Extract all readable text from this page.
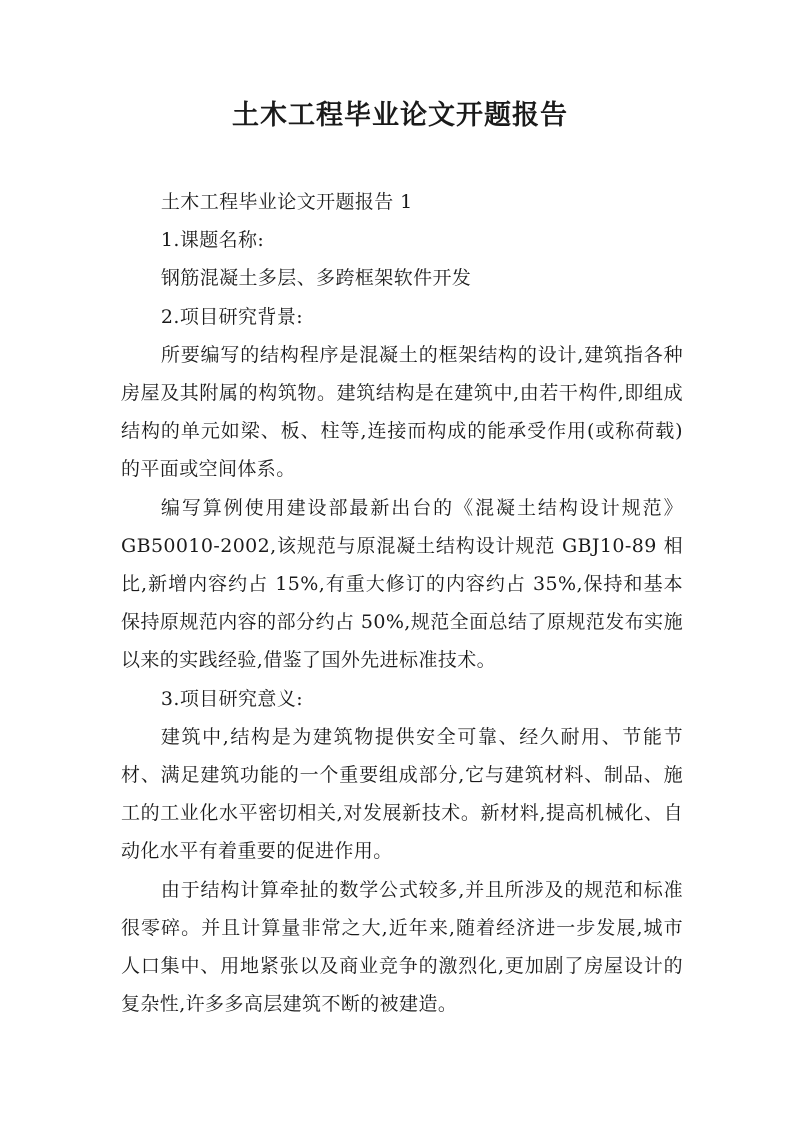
土木工程毕业论文开题报告

土木工程毕业论文开题报告 1

1.课题名称:

钢筋混凝土多层、多跨框架软件开发

2.项目研究背景:

所要编写的结构程序是混凝土的框架结构的设计,建筑指各种房屋及其附属的构筑物。建筑结构是在建筑中,由若干构件,即组成结构的单元如梁、板、柱等,连接而构成的能承受作用(或称荷载)的平面或空间体系。

编写算例使用建设部最新出台的《混凝土结构设计规范》GB50010-2002,该规范与原混凝土结构设计规范 GBJ10-89 相比,新增内容约占 15%,有重大修订的内容约占 35%,保持和基本保持原规范内容的部分约占 50%,规范全面总结了原规范发布实施以来的实践经验,借鉴了国外先进标准技术。

3.项目研究意义:

建筑中,结构是为建筑物提供安全可靠、经久耐用、节能节材、满足建筑功能的一个重要组成部分,它与建筑材料、制品、施工的工业化水平密切相关,对发展新技术。新材料,提高机械化、自动化水平有着重要的促进作用。

由于结构计算牵扯的数学公式较多,并且所涉及的规范和标准很零碎。并且计算量非常之大,近年来,随着经济进一步发展,城市人口集中、用地紧张以及商业竞争的激烈化,更加剧了房屋设计的复杂性,许多多高层建筑不断的被建造。
